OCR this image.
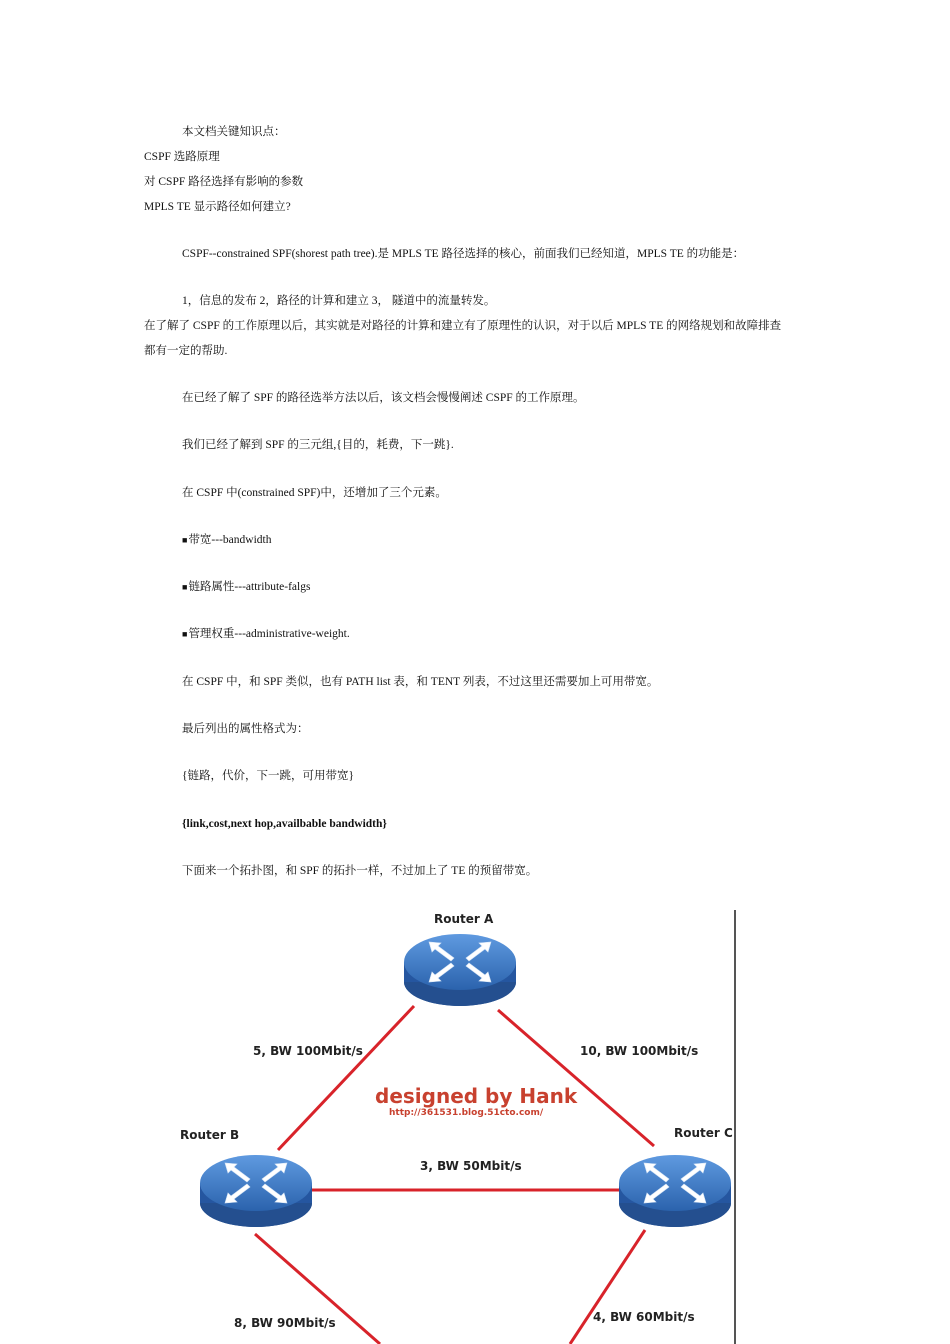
本文档关键知识点：
CSPF 选路原理
对 CSPF 路径选择有影响的参数
MPLS TE 显示路径如何建立?
CSPF--constrained SPF(shorest path tree).是 MPLS TE 路径选择的核心，前面我们已经知道，MPLS TE 的功能是：
1，信息的发布 2，路径的计算和建立 3， 隧道中的流量转发。
在了解了 CSPF 的工作原理以后，其实就是对路径的计算和建立有了原理性的认识，对于以后 MPLS TE 的网络规划和故障排查
都有一定的帮助.
在已经了解了 SPF 的路径选举方法以后，该文档会慢慢阐述 CSPF 的工作原理。
我们已经了解到 SPF 的三元组,{目的，耗费，下一跳}.
在 CSPF 中(constrained SPF)中，还增加了三个元素。
■带宽---bandwidth
■链路属性---attribute-falgs
■管理权重---administrative-weight.
在 CSPF 中，和 SPF 类似，也有 PATH list 表，和 TENT 列表，不过这里还需要加上可用带宽。
最后列出的属性格式为：
{链路，代价，下一跳，可用带宽}
{link,cost,next hop,availbable bandwidth}
下面来一个拓扑图，和 SPF 的拓扑一样，不过加上了 TE 的预留带宽。
Router A
Router B	Router C
5, BW 100Mbit/s	10, BW 100Mbit/s
3, BW 50Mbit/s
8, BW 90Mbit/s	4, BW 60Mbit/s
designed by Hank
http://361531.blog.51cto.com/
